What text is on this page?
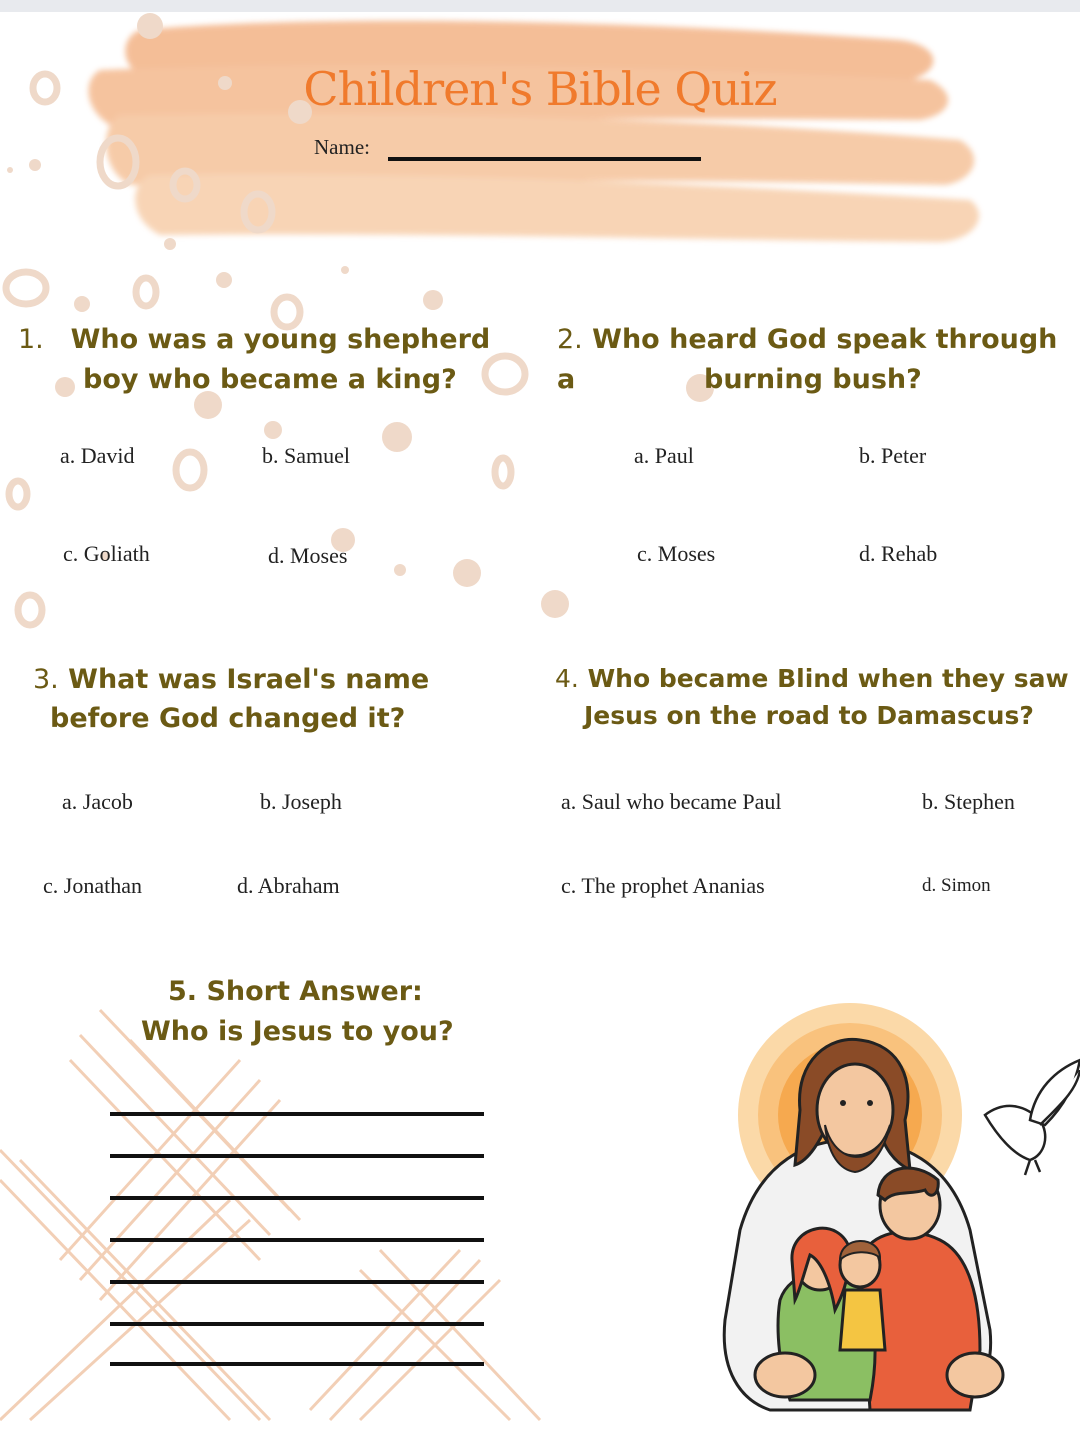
Children's Bible Quiz
Name:
1. Who was a young shepherd
boy who became a king?
a. David	b. Samuel
c. Goliath	d. Moses
2. Who heard God speak through a	burning bush?
a. Paul	b. Peter
c. Moses	d. Rehab
3. What was Israel's name
before God changed it?
a. Jacob	b. Joseph
c. Jonathan	d. Abraham
4. Who became Blind when they saw
Jesus on the road to Damascus?
a. Saul who became Paul	b. Stephen
c. The prophet Ananias	d. Simon
5. Short Answer:
Who is Jesus to you?
